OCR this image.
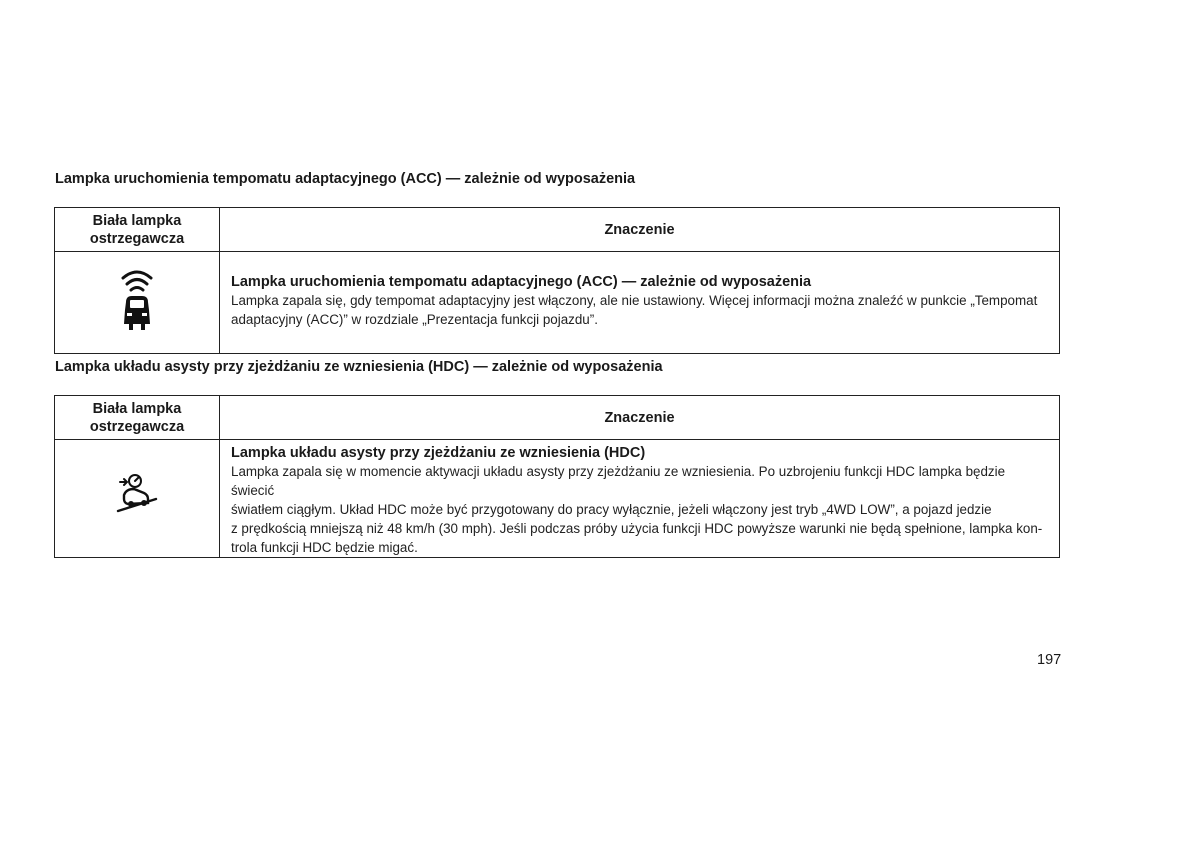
Lampka uruchomienia tempomatu adaptacyjnego (ACC) — zależnie od wyposażenia
Biała lampka
ostrzegawcza	Znaczenie

Lampka uruchomienia tempomatu adaptacyjnego (ACC) — zależnie od wyposażenia
Lampka zapala się, gdy tempomat adaptacyjny jest włączony, ale nie ustawiony. Więcej informacji można znaleźć w punkcie „Tempomat
adaptacyjny (ACC)” w rozdziale „Prezentacja funkcji pojazdu”.
Lampka układu asysty przy zjeżdżaniu ze wzniesienia (HDC) — zależnie od wyposażenia
Biała lampka
ostrzegawcza	Znaczenie

Lampka układu asysty przy zjeżdżaniu ze wzniesienia (HDC)
Lampka zapala się w momencie aktywacji układu asysty przy zjeżdżaniu ze wzniesienia. Po uzbrojeniu funkcji HDC lampka będzie świecić
światłem ciągłym. Układ HDC może być przygotowany do pracy wyłącznie, jeżeli włączony jest tryb „4WD LOW”, a pojazd jedzie
z prędkością mniejszą niż 48 km/h (30 mph). Jeśli podczas próby użycia funkcji HDC powyższe warunki nie będą spełnione, lampka kon-
trola funkcji HDC będzie migać.
197
